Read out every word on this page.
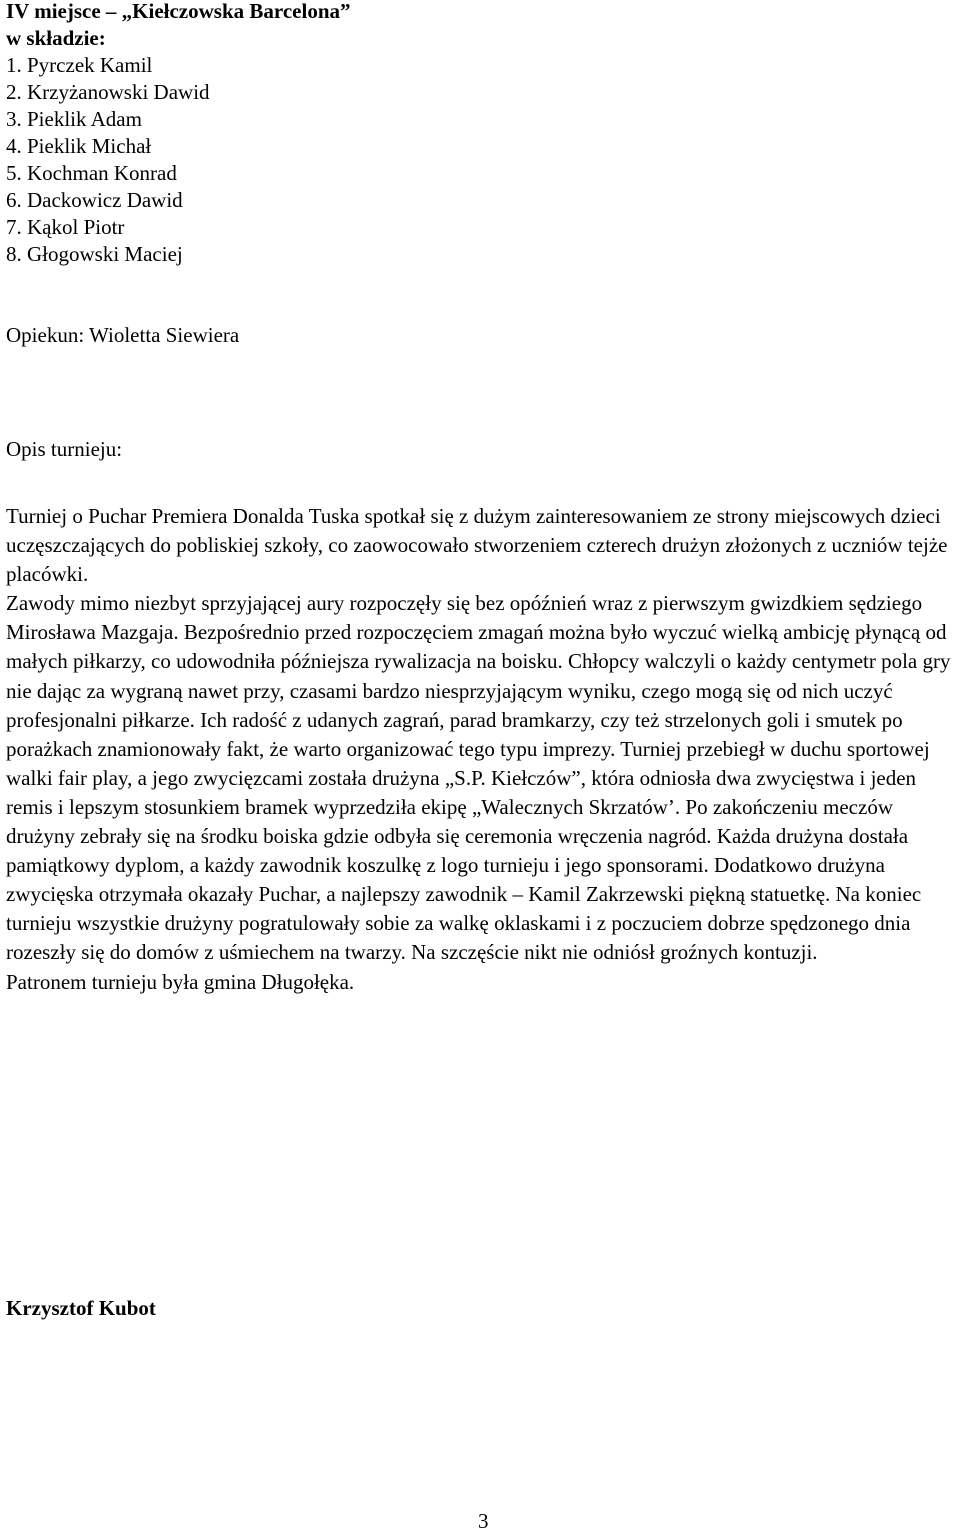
IV miejsce – „Kiełczowska Barcelona”
w składzie:
1. Pyrczek Kamil
2. Krzyżanowski Dawid
3. Pieklik Adam
4. Pieklik Michał
5. Kochman Konrad
6. Dackowicz Dawid
7. Kąkol Piotr
8. Głogowski Maciej
Opiekun: Wioletta Siewiera
Opis turnieju:

Turniej o Puchar Premiera Donalda Tuska spotkał się z dużym zainteresowaniem ze strony miejscowych dzieci uczęszczających do pobliskiej szkoły, co zaowocowało stworzeniem czterech drużyn złożonych z uczniów tejże placówki.

Zawody mimo niezbyt sprzyjającej aury rozpoczęły się bez opóźnień wraz z pierwszym gwizdkiem sędziego Mirosława Mazgaja. Bezpośrednio przed rozpoczęciem zmagań można było wyczuć wielką ambicję płynącą od małych piłkarzy, co udowodniła późniejsza rywalizacja na boisku. Chłopcy walczyli o każdy centymetr pola gry nie dając za wygraną nawet przy, czasami bardzo niesprzyjającym wyniku, czego mogą się od nich uczyć profesjonalni piłkarze. Ich radość z udanych zagrań, parad bramkarzy, czy też strzelonych goli i smutek po porażkach znamionowały fakt, że warto organizować tego typu imprezy. Turniej przebiegł w duchu sportowej walki fair play, a jego zwycięzcami została drużyna „S.P. Kiełczów”, która odniosła dwa zwycięstwa i jeden remis i lepszym stosunkiem bramek wyprzedziła ekipę „Walecznych Skrzatów’. Po zakończeniu meczów drużyny zebrały się na środku boiska gdzie odbyła się ceremonia wręczenia nagród. Każda drużyna dostała pamiątkowy dyplom, a każdy zawodnik koszulkę z logo turnieju i jego sponsorami. Dodatkowo drużyna zwycięska otrzymała okazały Puchar, a najlepszy zawodnik – Kamil Zakrzewski piękną statuetkę. Na koniec turnieju wszystkie drużyny pogratulowały sobie za walkę oklaskami i z poczuciem dobrze spędzonego dnia rozeszły się do domów z uśmiechem na twarzy. Na szczęście nikt nie odniósł groźnych kontuzji.

Patronem turnieju była gmina Długołęka.

Krzysztof Kubot
3
